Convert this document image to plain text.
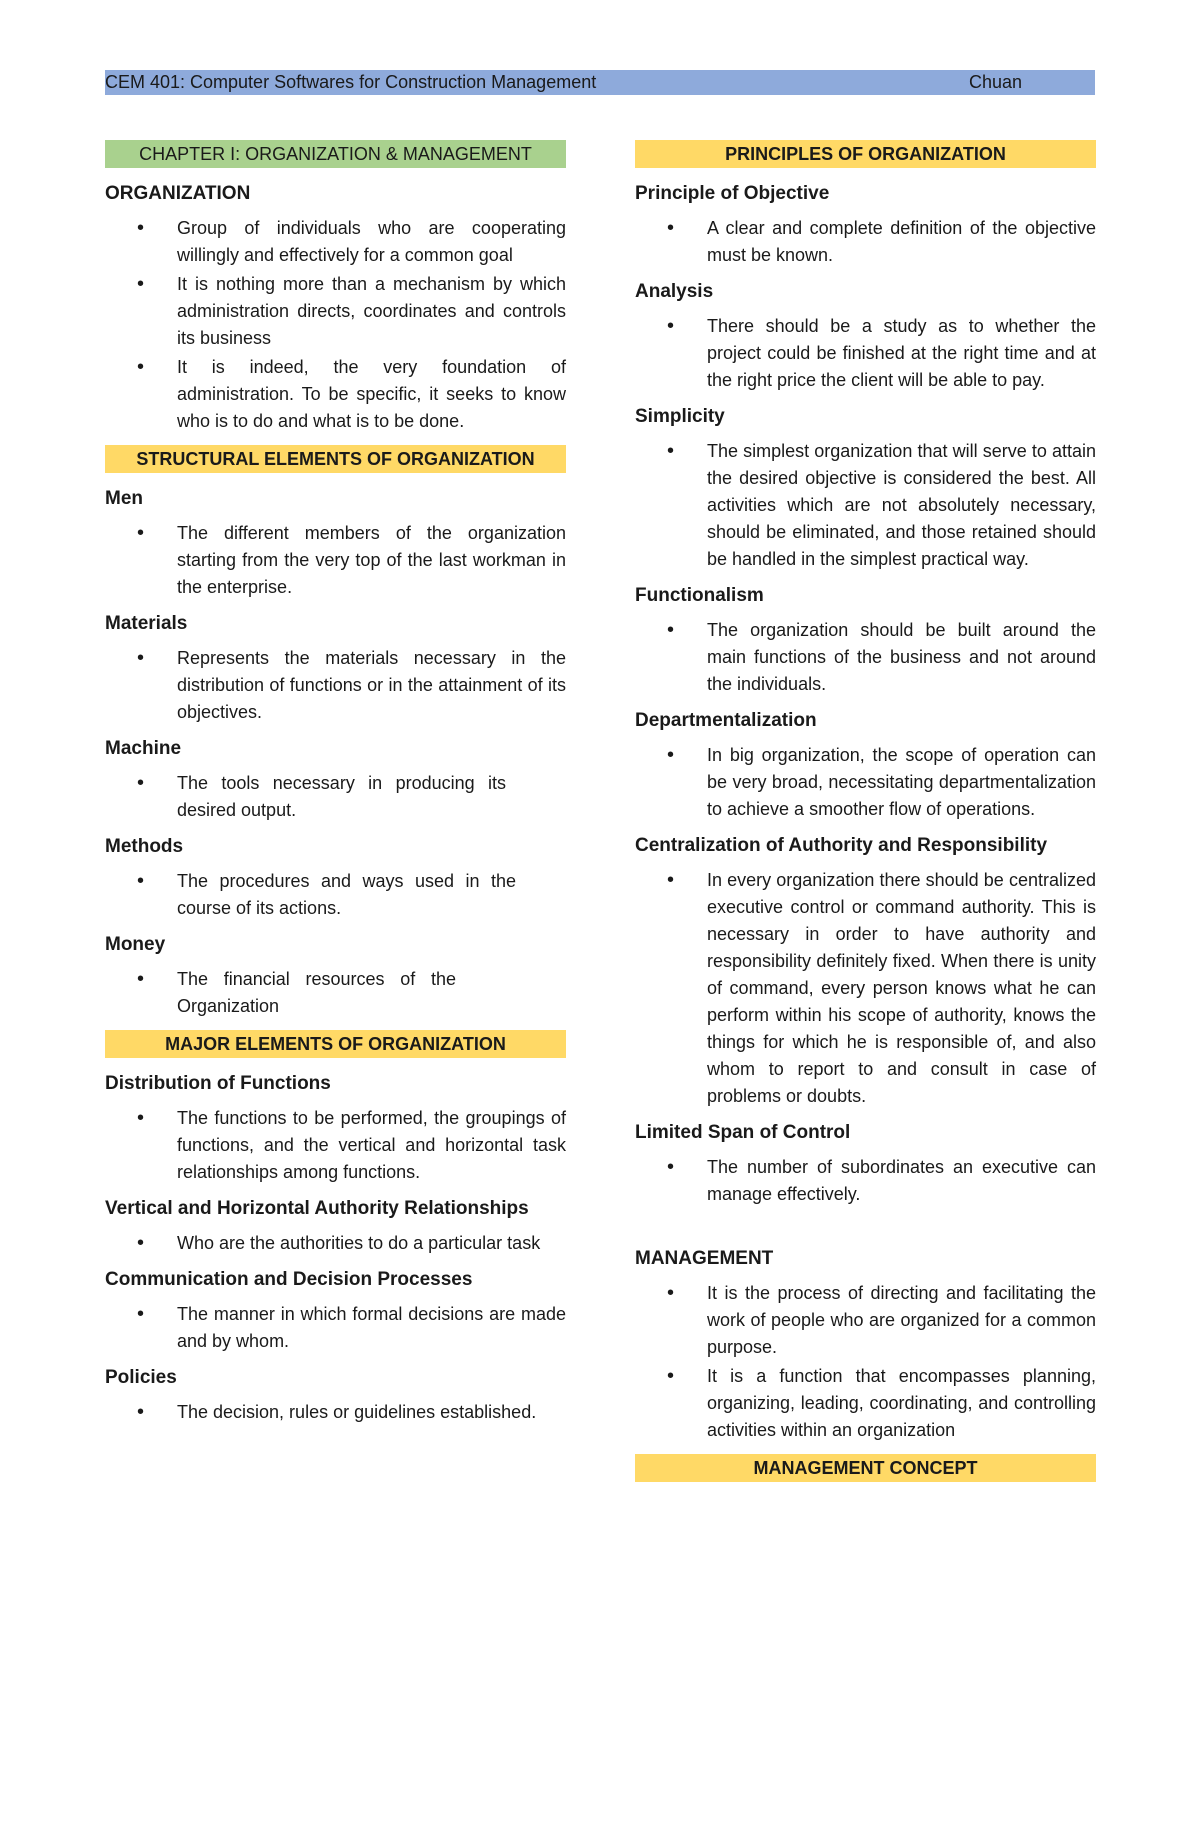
CEM 401: Computer Softwares for Construction Management	Chuan
CHAPTER I: ORGANIZATION & MANAGEMENT
ORGANIZATION
• Group of individuals who are cooperating willingly and effectively for a common goal
• It is nothing more than a mechanism by which administration directs, coordinates and controls its business
• It is indeed, the very foundation of administration. To be specific, it seeks to know who is to do and what is to be done.
STRUCTURAL ELEMENTS OF ORGANIZATION
Men
• The different members of the organization starting from the very top of the last workman in the enterprise.
Materials
• Represents the materials necessary in the distribution of functions or in the attainment of its objectives.
Machine
• The tools necessary in producing its desired output.
Methods
• The procedures and ways used in the course of its actions.
Money
• The financial resources of the Organization
MAJOR ELEMENTS OF ORGANIZATION
Distribution of Functions
• The functions to be performed, the groupings of functions, and the vertical and horizontal task relationships among functions.
Vertical and Horizontal Authority Relationships
• Who are the authorities to do a particular task
Communication and Decision Processes
• The manner in which formal decisions are made and by whom.
Policies
• The decision, rules or guidelines established.
PRINCIPLES OF ORGANIZATION
Principle of Objective
• A clear and complete definition of the objective must be known.
Analysis
• There should be a study as to whether the project could be finished at the right time and at the right price the client will be able to pay.
Simplicity
• The simplest organization that will serve to attain the desired objective is considered the best. All activities which are not absolutely necessary, should be eliminated, and those retained should be handled in the simplest practical way.
Functionalism
• The organization should be built around the main functions of the business and not around the individuals.
Departmentalization
• In big organization, the scope of operation can be very broad, necessitating departmentalization to achieve a smoother flow of operations.
Centralization of Authority and Responsibility
• In every organization there should be centralized executive control or command authority. This is necessary in order to have authority and responsibility definitely fixed. When there is unity of command, every person knows what he can perform within his scope of authority, knows the things for which he is responsible of, and also whom to report to and consult in case of problems or doubts.
Limited Span of Control
• The number of subordinates an executive can manage effectively.
MANAGEMENT
• It is the process of directing and facilitating the work of people who are organized for a common purpose.
• It is a function that encompasses planning, organizing, leading, coordinating, and controlling activities within an organization
MANAGEMENT CONCEPT
